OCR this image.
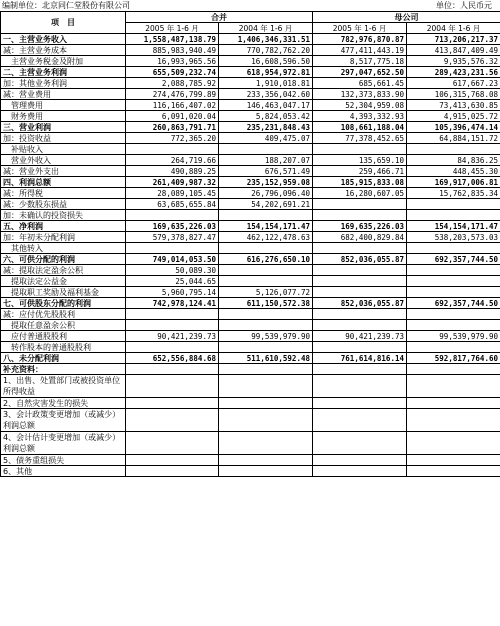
编制单位：北京同仁堂股份有限公司	单位：人民币元
项　目	合并		母公司	
	2005 年 1-6 月	2004 年 1-6 月	2005 年 1-6 月	2004 年 1-6 月
一、主营业务收入	1,558,487,138.79	1,406,346,331.51	782,976,870.87	713,206,217.37
减：主营业务成本	885,983,940.49	770,782,762.20	477,411,443.19	413,847,409.49
主营业务税金及附加	16,993,965.56	16,608,596.50	8,517,775.18	9,935,576.32
二、主营业务利润	655,509,232.74	618,954,972.81	297,047,652.50	289,423,231.56
加：其他业务利润	2,088,785.92	1,910,018.81	685,661.45	617,667.23
减：营业费用	274,476,799.89	233,356,042.60	132,373,833.90	106,315,768.08
管理费用	116,166,407.02	146,463,047.17	52,304,959.08	73,413,630.85
财务费用	6,091,020.04	5,824,053.42	4,393,332.93	4,915,025.72
三、营业利润	260,863,791.71	235,231,848.43	108,661,188.04	105,396,474.14
加：投资收益	772,365.20	409,475.07	77,378,452.65	64,884,151.72
补贴收入				
营业外收入	264,719.66	188,207.07	135,659.10	84,836.25
减：营业外支出	490,889.25	676,571.49	259,466.71	448,455.30
四、利润总额	261,409,987.32	235,152,959.08	185,915,833.08	169,917,006.81
减：所得税	28,089,105.45	26,796,096.40	16,280,607.05	15,762,835.34
减：少数股东损益	63,685,655.84	54,202,691.21		
加：未确认的投资损失				
五、净利润	169,635,226.03	154,154,171.47	169,635,226.03	154,154,171.47
加：年初未分配利润	579,378,827.47	462,122,478.63	682,400,829.84	538,203,573.03
其他转入				
六、可供分配的利润	749,014,053.50	616,276,650.10	852,036,055.87	692,357,744.50
减：提取法定盈余公积	50,089.30			
提取法定公益金	25,044.65			
提取职工奖励及福利基金	5,960,795.14	5,126,077.72		
七、可供股东分配的利润	742,978,124.41	611,150,572.38	852,036,055.87	692,357,744.50
减：应付优先股股利				
提取任意盈余公积				
应付普通股股利	90,421,239.73	99,539,979.90	90,421,239.73	99,539,979.90
转作股本的普通股股利				
八、未分配利润	652,556,884.68	511,610,592.48	761,614,816.14	592,817,764.60
补充资料：				
1、出售、处置部门或被投资单位所得收益				
2、自然灾害发生的损失				
3、会计政策变更增加（或减少）利润总额				
4、会计估计变更增加（或减少）利润总额				
5、债务重组损失				
6、其他				
